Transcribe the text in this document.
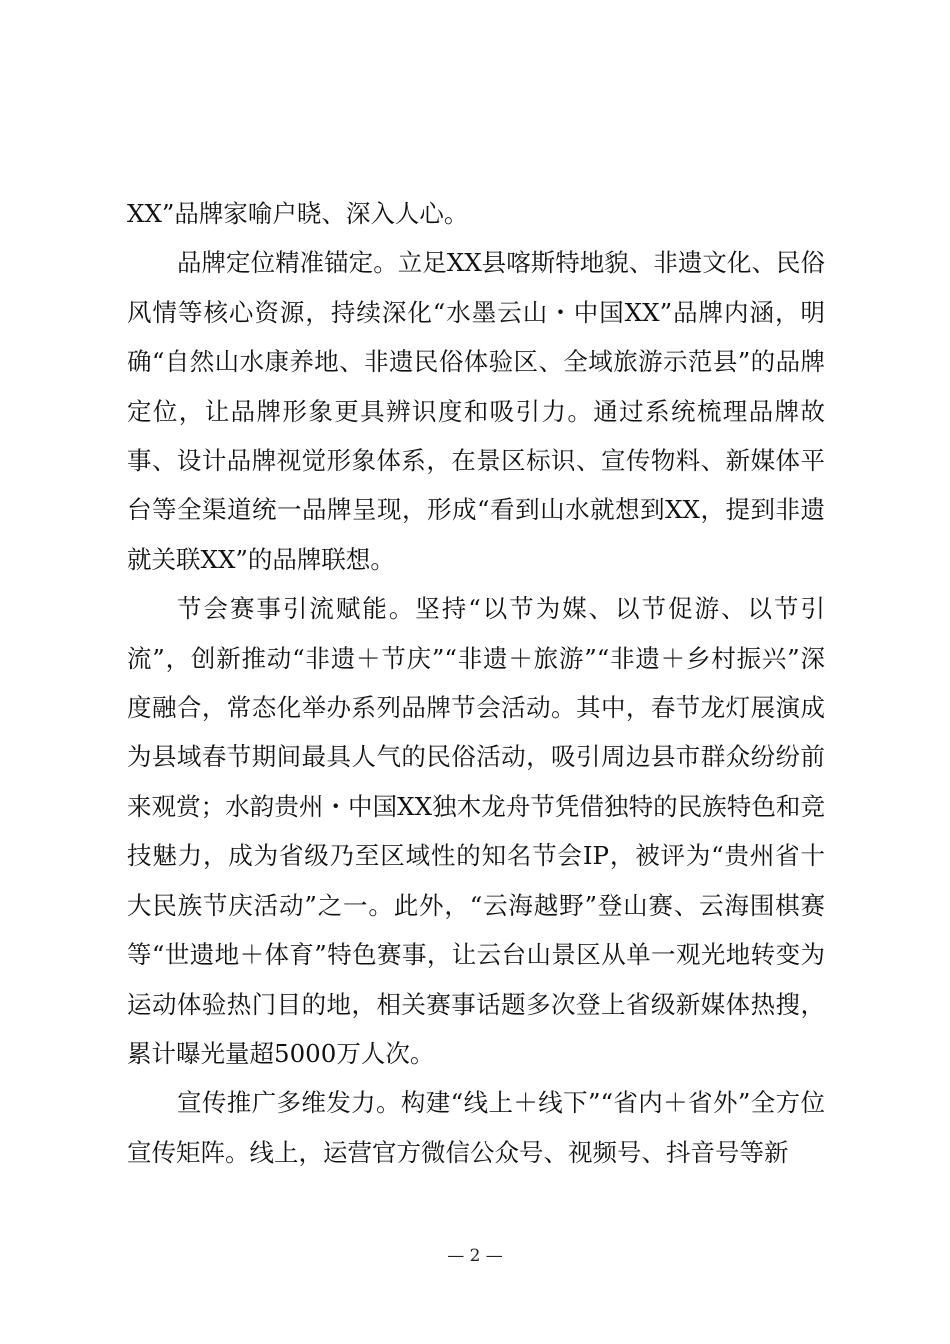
XX”品牌家喻户晓、深入人心。

品牌定位精准锚定。立足XX县喀斯特地貌、非遗文化、民俗风情等核心资源，持续深化“水墨云山・中国XX”品牌内涵，明确“自然山水康养地、非遗民俗体验区、全域旅游示范县”的品牌定位，让品牌形象更具辨识度和吸引力。通过系统梳理品牌故事、设计品牌视觉形象体系，在景区标识、宣传物料、新媒体平台等全渠道统一品牌呈现，形成“看到山水就想到XX，提到非遗就关联XX”的品牌联想。

节会赛事引流赋能。坚持“以节为媒、以节促游、以节引流”，创新推动“非遗＋节庆”“非遗＋旅游”“非遗＋乡村振兴”深度融合，常态化举办系列品牌节会活动。其中，春节龙灯展演成为县域春节期间最具人气的民俗活动，吸引周边县市群众纷纷前来观赏；水韵贵州・中国XX独木龙舟节凭借独特的民族特色和竞技魅力，成为省级乃至区域性的知名节会IP，被评为“贵州省十大民族节庆活动”之一。此外，“云海越野”登山赛、云海围棋赛等“世遗地＋体育”特色赛事，让云台山景区从单一观光地转变为运动体验热门目的地，相关赛事话题多次登上省级新媒体热搜，累计曝光量超5000万人次。

宣传推广多维发力。构建“线上＋线下”“省内＋省外”全方位宣传矩阵。线上，运营官方微信公众号、视频号、抖音号等新

— 2 —
